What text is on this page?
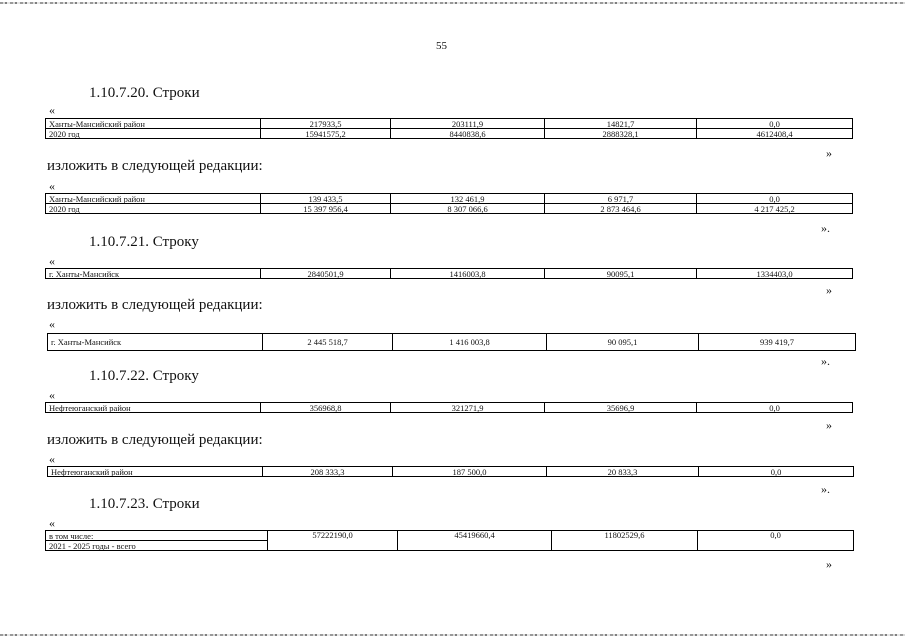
55
1.10.7.20. Строки
«
Ханты-Мансийский район	217933,5	203111,9	14821,7	0,0
2020 год	15941575,2	8440838,6	2888328,1	4612408,4
»
изложить в следующей редакции:
«
Ханты-Мансийский район	139 433,5	132 461,9	6 971,7	0,0
2020 год	15 397 956,4	8 307 066,6	2 873 464,6	4 217 425,2
».
1.10.7.21. Строку
«
г. Ханты-Мансийск	2840501,9	1416003,8	90095,1	1334403,0
»
изложить в следующей редакции:
«
г. Ханты-Мансийск	2 445 518,7	1 416 003,8	90 095,1	939 419,7
».
1.10.7.22. Строку
«
Нефтеюганский район	356968,8	321271,9	35696,9	0,0
»
изложить в следующей редакции:
«
Нефтеюганский район	208 333,3	187 500,0	20 833,3	0,0
».
1.10.7.23. Строки
«
в том числе:	57222190,0	45419660,4	11802529,6	0,0
2021 - 2025 годы - всего
»
